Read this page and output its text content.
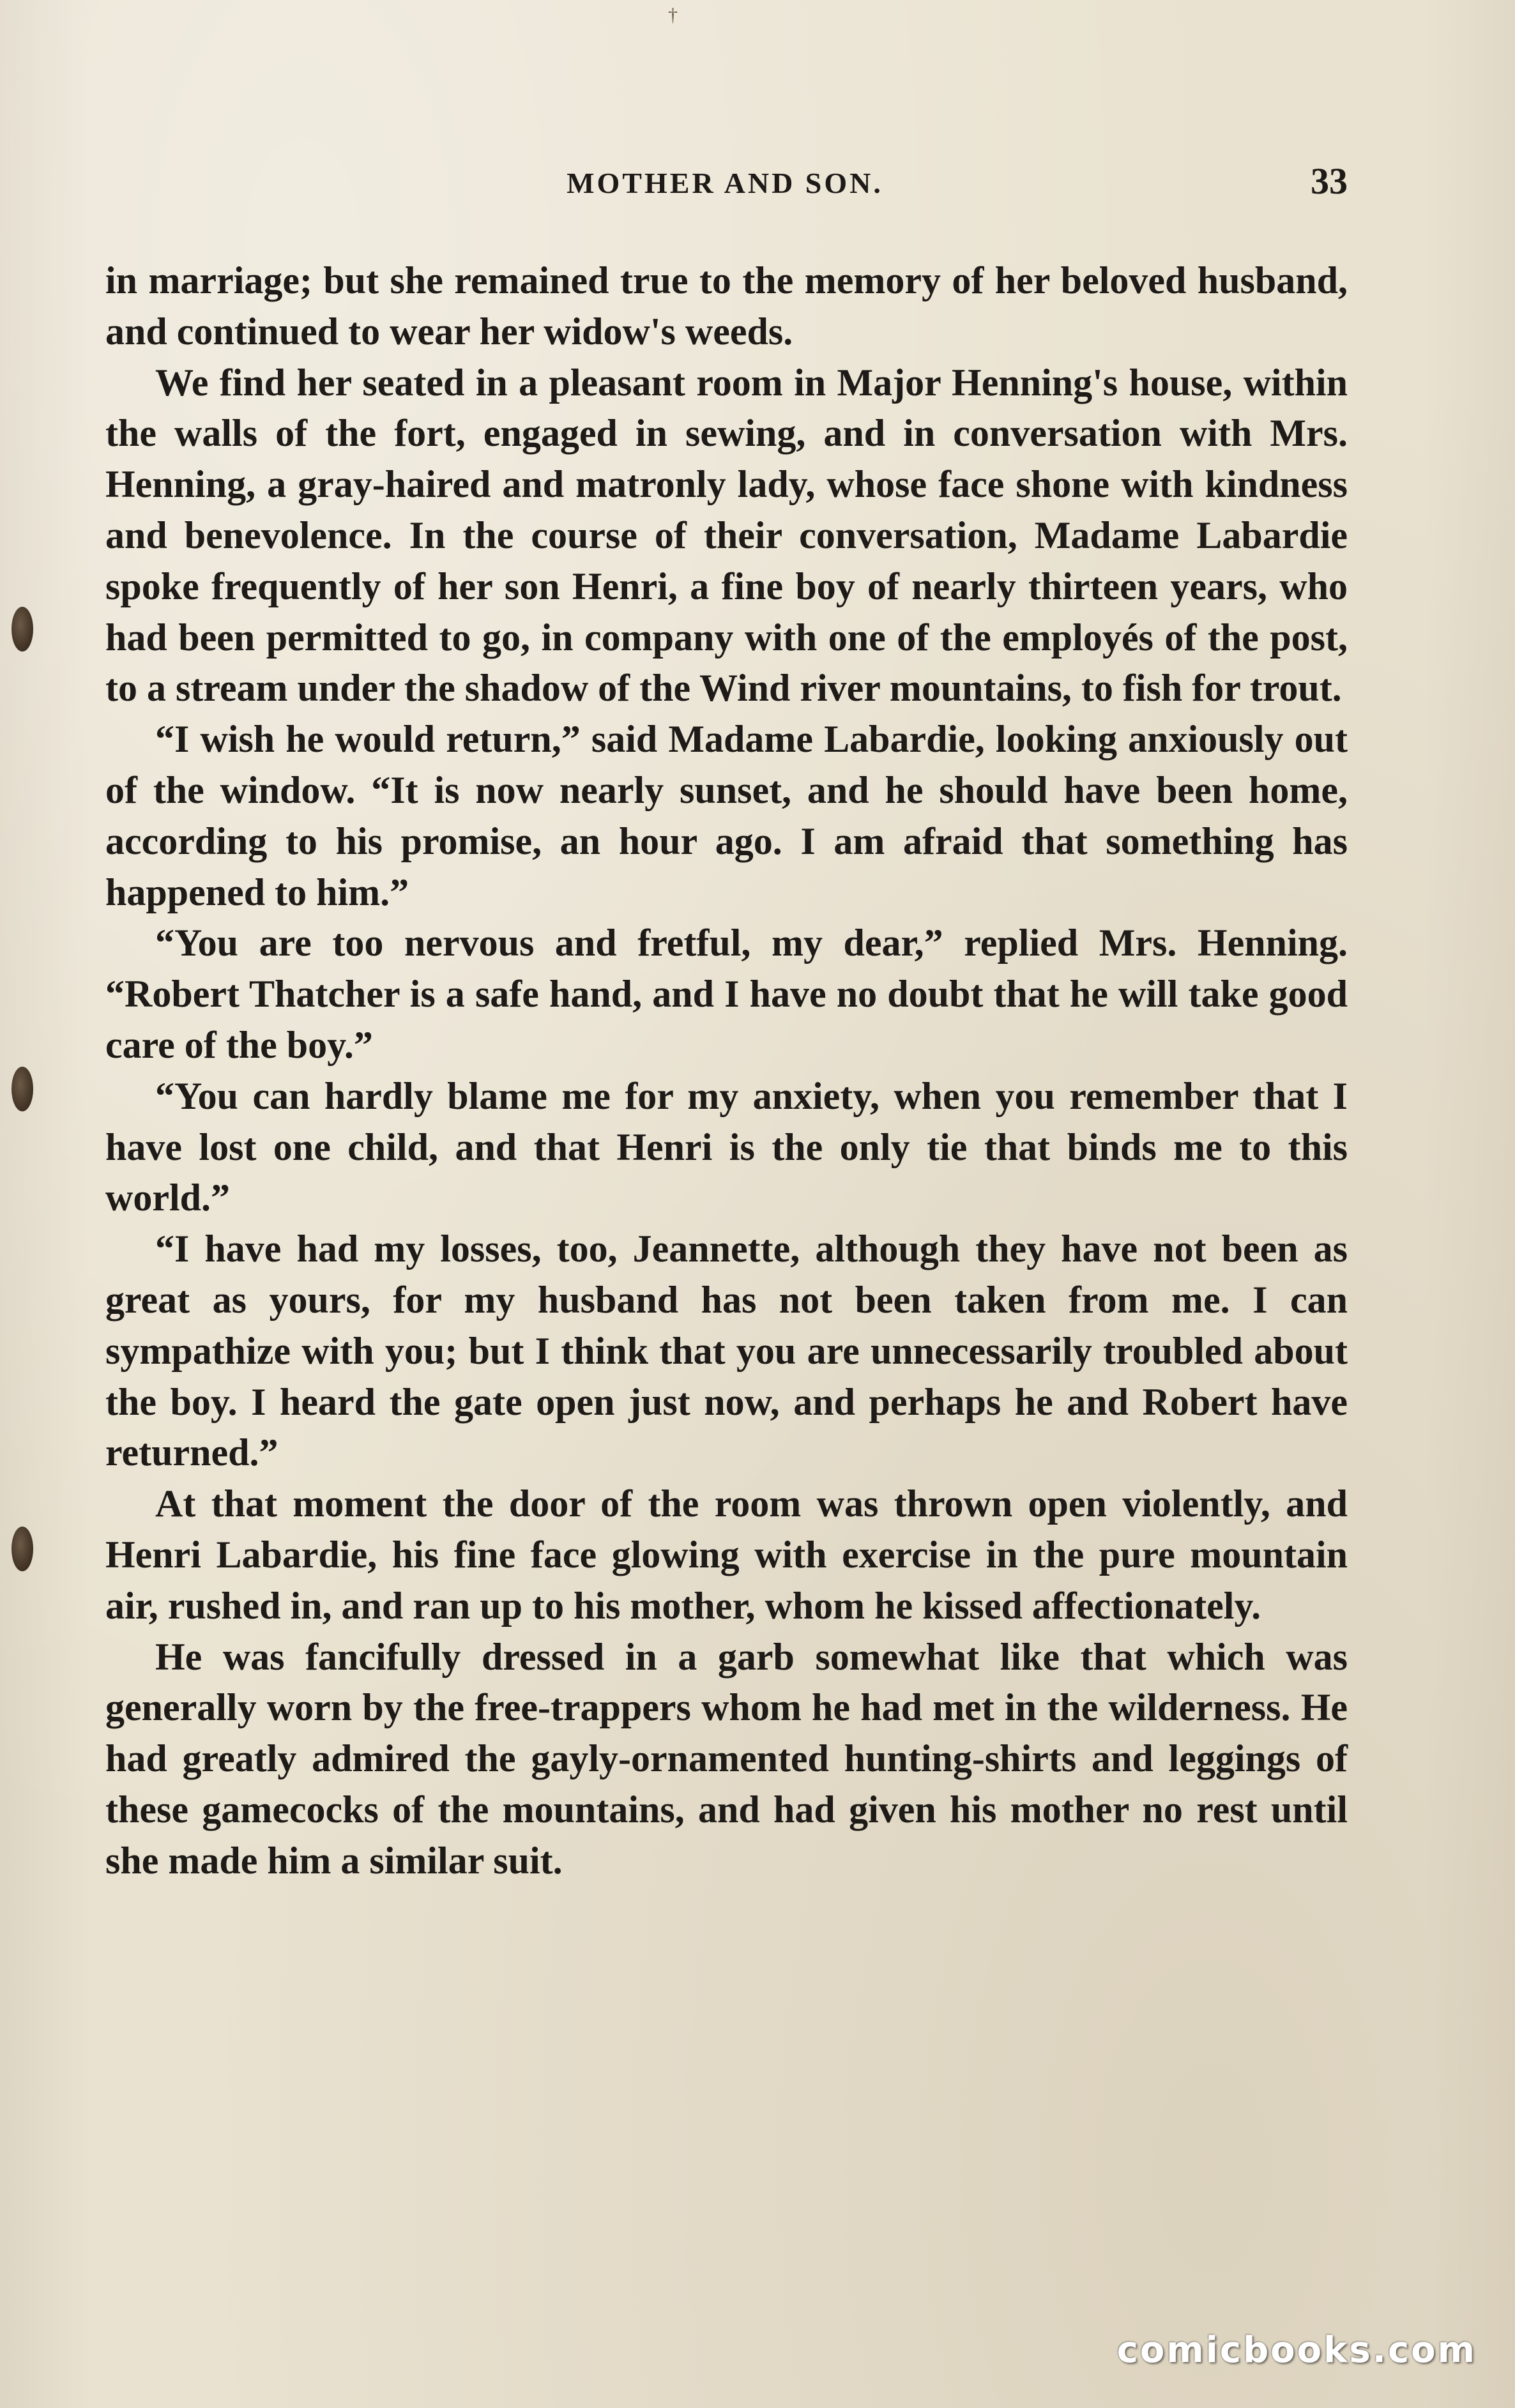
†
MOTHER AND SON.	33

in marriage; but she remained true to the memory of her beloved husband, and continued to wear her widow's weeds.

We find her seated in a pleasant room in Major Henning's house, within the walls of the fort, engaged in sewing, and in conversation with Mrs. Henning, a gray-haired and matronly lady, whose face shone with kindness and benevolence. In the course of their conversation, Madame Labardie spoke frequently of her son Henri, a fine boy of nearly thirteen years, who had been permitted to go, in company with one of the employés of the post, to a stream under the shadow of the Wind river mountains, to fish for trout.

“I wish he would return,” said Madame Labardie, looking anxiously out of the window. “It is now nearly sunset, and he should have been home, according to his promise, an hour ago. I am afraid that something has happened to him.”

“You are too nervous and fretful, my dear,” replied Mrs. Henning. “Robert Thatcher is a safe hand, and I have no doubt that he will take good care of the boy.”

“You can hardly blame me for my anxiety, when you remember that I have lost one child, and that Henri is the only tie that binds me to this world.”

“I have had my losses, too, Jeannette, although they have not been as great as yours, for my husband has not been taken from me. I can sympathize with you; but I think that you are unnecessarily troubled about the boy. I heard the gate open just now, and perhaps he and Robert have returned.”

At that moment the door of the room was thrown open violently, and Henri Labardie, his fine face glowing with exercise in the pure mountain air, rushed in, and ran up to his mother, whom he kissed affectionately.

He was fancifully dressed in a garb somewhat like that which was generally worn by the free-trappers whom he had met in the wilderness. He had greatly admired the gayly-ornamented hunting-shirts and leggings of these gamecocks of the mountains, and had given his mother no rest until she made him a similar suit.

comicbooks.com
